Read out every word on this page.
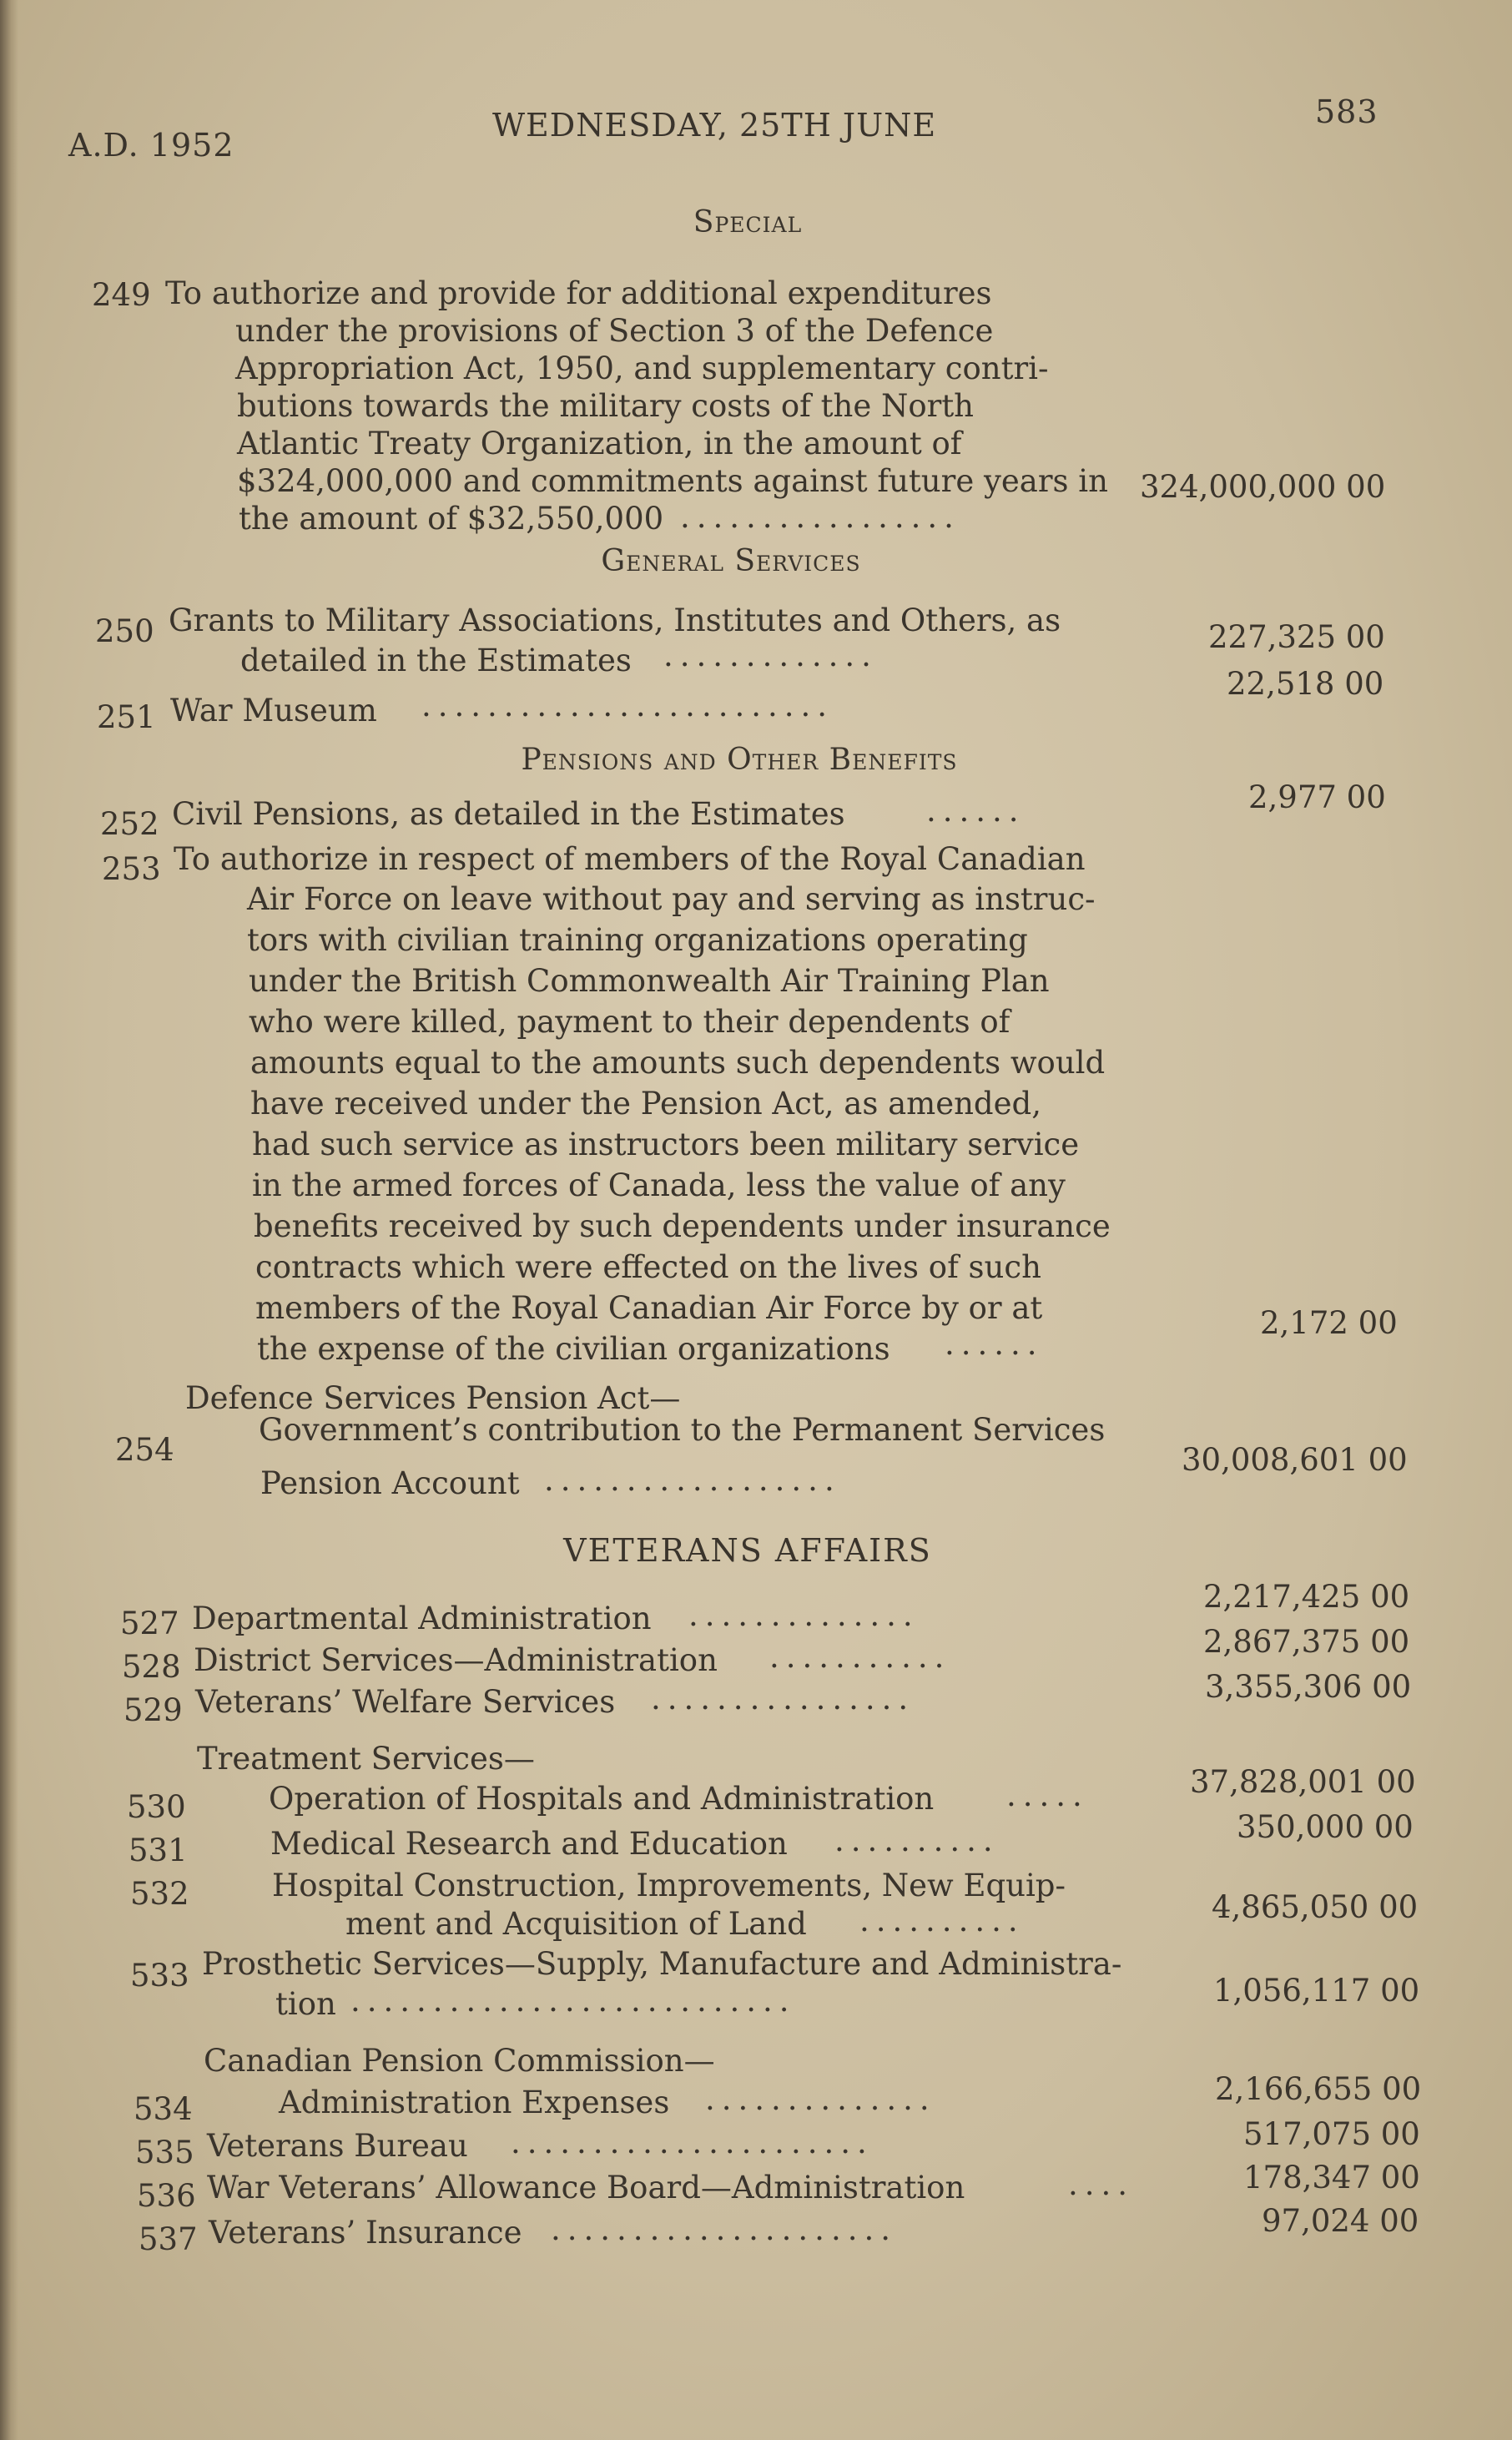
A.D. 1952
WEDNESDAY, 25TH JUNE	583
Special
249 To authorize and provide for additional expenditures
under the provisions of Section 3 of the Defence
Appropriation Act, 1950, and supplementary contri-
butions towards the military costs of the North
Atlantic Treaty Organization, in the amount of
$324,000,000 and commitments against future years in
the amount of $32,550,000 .................
324,000,000 00
General Services
250 Grants to Military Associations, Institutes and Others, as
detailed in the Estimates .............
227,325 00
251 War Museum .........................
22,518 00
Pensions and Other Benefits
252 Civil Pensions, as detailed in the Estimates	......	2,977 00
253 To authorize in respect of members of the Royal Canadian
Air Force on leave without pay and serving as instruc-
tors with civilian training organizations operating
under the British Commonwealth Air Training Plan
who were killed, payment to their dependents of
amounts equal to the amounts such dependents would
have received under the Pension Act, as amended,
had such service as instructors been military service
in the armed forces of Canada, less the value of any
benefits received by such dependents under insurance
contracts which were effected on the lives of such
members of the Royal Canadian Air Force by or at
the expense of the civilian organizations ......
2,172 00
Defence Services Pension Act—
254
Government’s contribution to the Permanent Services
Pension Account ..................
30,008,601 00
VETERANS AFFAIRS
527 Departmental Administration ..............
2,217,425 00
528 District Services—Administration ...........	2,867,375 00
529 Veterans’ Welfare Services ................	3,355,306 00
Treatment Services—
530	Operation of Hospitals and Administration .....	37,828,001 00
531	Medical Research and Education ..........	350,000 00
532	Hospital Construction, Improvements, New Equip-
ment and Acquisition of Land ..........	4,865,050 00
533 Prosthetic Services—Supply, Manufacture and Administra-
tion ...........................	1,056,117 00
Canadian Pension Commission—
534	Administration Expenses ..............	2,166,655 00
535 Veterans Bureau ......................	517,075 00
536 War Veterans’ Allowance Board—Administration	....	178,347 00
537 Veterans’ Insurance .....................	97,024 00
